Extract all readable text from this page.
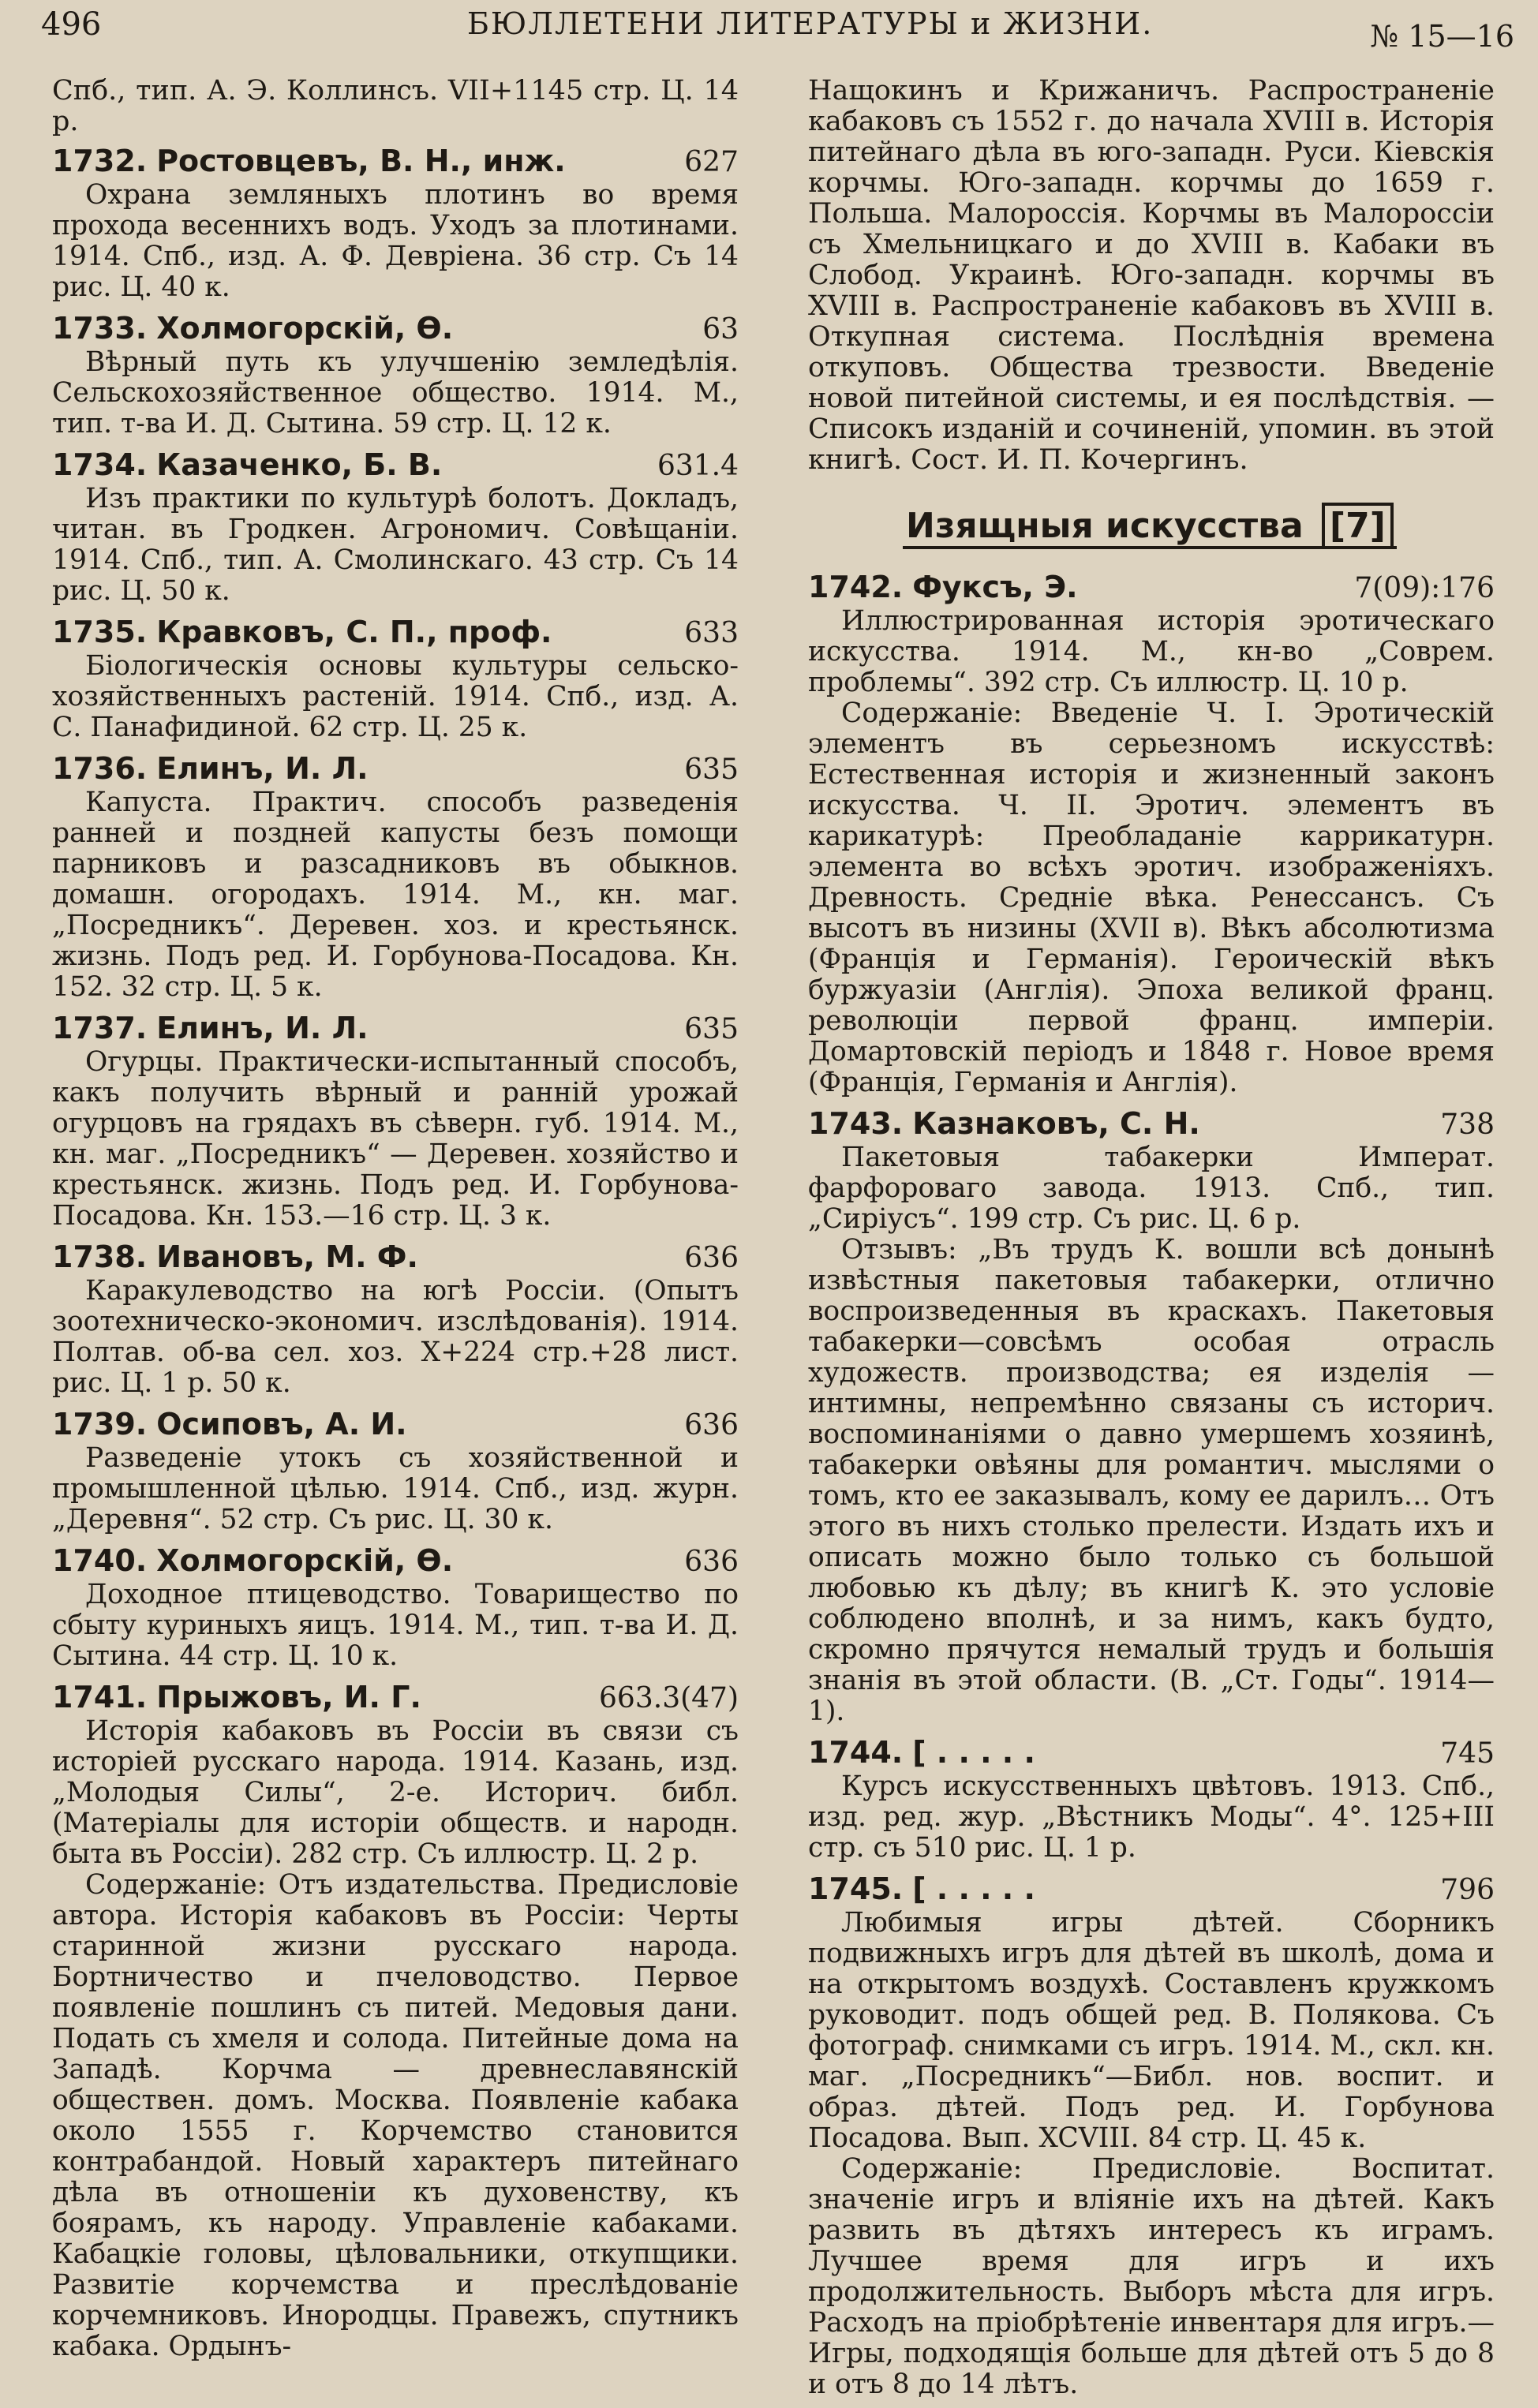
496	БЮЛЛЕТЕНИ ЛИТЕРАТУРЫ и ЖИЗНИ.	№ 15—16

Спб., тип. А. Э. Коллинсъ. VII+1145 стр. Ц. 14 р.

1732. Ростовцевъ, В. Н., инж.	627

Охрана земляныхъ плотинъ во время прохода весеннихъ водъ. Уходъ за плотинами. 1914. Спб., изд. А. Ф. Девріена. 36 стр. Съ 14 рис. Ц. 40 к.

1733. Холмогорскій, Ѳ.	63

Вѣрный путь къ улучшенію земледѣлія. Сельскохозяйственное общество. 1914. М., тип. т-ва И. Д. Сытина. 59 стр. Ц. 12 к.

1734. Казаченко, Б. В.	631.4

Изъ практики по культурѣ болотъ. Докладъ, читан. въ Гродкен. Агрономич. Совѣщаніи. 1914. Спб., тип. А. Смолинскаго. 43 стр. Съ 14 рис. Ц. 50 к.

1735. Кравковъ, С. П., проф.	633

Біологическія основы культуры сельско-хозяйственныхъ растеній. 1914. Спб., изд. А. С. Панафидиной. 62 стр. Ц. 25 к.

1736. Елинъ, И. Л.	635

Капуста. Практич. способъ разведенія ранней и поздней капусты безъ помощи парниковъ и разсадниковъ въ обыкнов. домашн. огородахъ. 1914. М., кн. маг. „Посредникъ“. Деревен. хоз. и крестьянск. жизнь. Подъ ред. И. Горбунова-Посадова. Кн. 152. 32 стр. Ц. 5 к.

1737. Елинъ, И. Л.	635

Огурцы. Практически-испытанный способъ, какъ получить вѣрный и ранній урожай огурцовъ на грядахъ въ сѣверн. губ. 1914. М., кн. маг. „Посредникъ“ — Деревен. хозяйство и крестьянск. жизнь. Подъ ред. И. Горбунова-Посадова. Кн. 153.—16 стр. Ц. 3 к.

1738. Ивановъ, М. Ф.	636

Каракулеводство на югѣ Россіи. (Опытъ зоотехническо-экономич. изслѣдованія). 1914. Полтав. об-ва сел. хоз. Х+224 стр.+28 лист. рис. Ц. 1 р. 50 к.

1739. Осиповъ, А. И.	636

Разведеніе утокъ съ хозяйственной и промышленной цѣлью. 1914. Спб., изд. журн. „Деревня“. 52 стр. Съ рис. Ц. 30 к.

1740. Холмогорскій, Ѳ.	636

Доходное птицеводство. Товарищество по сбыту куриныхъ яицъ. 1914. М., тип. т-ва И. Д. Сытина. 44 стр. Ц. 10 к.

1741. Прыжовъ, И. Г.	663.3(47)

Исторія кабаковъ въ Россіи въ связи съ исторіей русскаго народа. 1914. Казань, изд. „Молодыя Силы“, 2-е. Историч. библ. (Матеріалы для исторіи обществ. и народн. быта въ Россіи). 282 стр. Съ иллюстр. Ц. 2 р.

Содержаніе: Отъ издательства. Предисловіе автора. Исторія кабаковъ въ Россіи: Черты старинной жизни русскаго народа. Бортничество и пчеловодство. Первое появленіе пошлинъ съ питей. Медовыя дани. Подать съ хмеля и солода. Питейные дома на Западѣ. Корчма — древнеславянскій обществен. домъ. Москва. Появленіе кабака около 1555 г. Корчемство становится контрабандой. Новый характеръ питейнаго дѣла въ отношеніи къ духовенству, къ боярамъ, къ народу. Управленіе кабаками. Кабацкіе головы, цѣловальники, откупщики. Развитіе корчемства и преслѣдованіе корчемниковъ. Инородцы. Правежъ, спутникъ кабака. Ордынъ-

Нащокинъ и Крижаничъ. Распространеніе кабаковъ съ 1552 г. до начала XVIII в. Исторія питейнаго дѣла въ юго-западн. Руси. Кіевскія корчмы. Юго-западн. корчмы до 1659 г. Польша. Малороссія. Корчмы въ Малороссіи съ Хмельницкаго и до XVIII в. Кабаки въ Слобод. Украинѣ. Юго-западн. корчмы въ XVIII в. Распространеніе кабаковъ въ XVIII в. Откупная система. Послѣднія времена откуповъ. Общества трезвости. Введеніе новой питейной системы, и ея послѣдствія. — Списокъ изданій и сочиненій, упомин. въ этой книгѣ. Сост. И. П. Кочергинъ.

Изящныя искусства [7]
1742. Фуксъ, Э.	7(09):176

Иллюстрированная исторія эротическаго искусства. 1914. М., кн-во „Соврем. проблемы“. 392 стр. Съ иллюстр. Ц. 10 р.

Содержаніе: Введеніе Ч. I. Эротическій элементъ въ серьезномъ искусствѣ: Естественная исторія и жизненный законъ искусства. Ч. II. Эротич. элементъ въ карикатурѣ: Преобладаніе каррикатурн. элемента во всѣхъ эротич. изображеніяхъ. Древность. Средніе вѣка. Ренессансъ. Съ высотъ въ низины (XVII в). Вѣкъ абсолютизма (Франція и Германія). Героическій вѣкъ буржуазіи (Англія). Эпоха великой франц. революціи первой франц. имперіи. Домартовскій періодъ и 1848 г. Новое время (Франція, Германія и Англія).

1743. Казнаковъ, С. Н.	738

Пакетовыя табакерки Императ. фарфороваго завода. 1913. Спб., тип. „Сиріусъ“. 199 стр. Съ рис. Ц. 6 р.

Отзывъ: „Въ трудъ К. вошли всѣ донынѣ извѣстныя пакетовыя табакерки, отлично воспроизведенныя въ краскахъ. Пакетовыя табакерки—совсѣмъ особая отрасль художеств. производства; ея изделія — интимны, непремѣнно связаны съ историч. воспоминаніями о давно умершемъ хозяинѣ, табакерки овѣяны для романтич. мыслями о томъ, кто ее заказывалъ, кому ее дарилъ… Отъ этого въ нихъ столько прелести. Издать ихъ и описать можно было только съ большой любовью къ дѣлу; въ книгѣ К. это условіе соблюдено вполнѣ, и за нимъ, какъ будто, скромно прячутся немалый трудъ и большія знанія въ этой области. (В. „Ст. Годы“. 1914—1).

1744. [ . . . . .	745

Курсъ искусственныхъ цвѣтовъ. 1913. Спб., изд. ред. жур. „Вѣстникъ Моды“. 4°. 125+III стр. съ 510 рис. Ц. 1 р.

1745. [ . . . . .	796

Любимыя игры дѣтей. Сборникъ подвижныхъ игръ для дѣтей въ школѣ, дома и на открытомъ воздухѣ. Составленъ кружкомъ руководит. подъ общей ред. В. Полякова. Съ фотограф. снимками съ игръ. 1914. М., скл. кн. маг. „Посредникъ“—Библ. нов. воспит. и образ. дѣтей. Подъ ред. И. Горбунова Посадова. Вып. XCVIII. 84 стр. Ц. 45 к.

Содержаніе: Предисловіе. Воспитат. значеніе игръ и вліяніе ихъ на дѣтей. Какъ развить въ дѣтяхъ интересъ къ играмъ. Лучшее время для игръ и ихъ продолжительность. Выборъ мѣста для игръ. Расходъ на пріобрѣтеніе инвентаря для игръ.—Игры, подходящія больше для дѣтей отъ 5 до 8 и отъ 8 до 14 лѣтъ.
